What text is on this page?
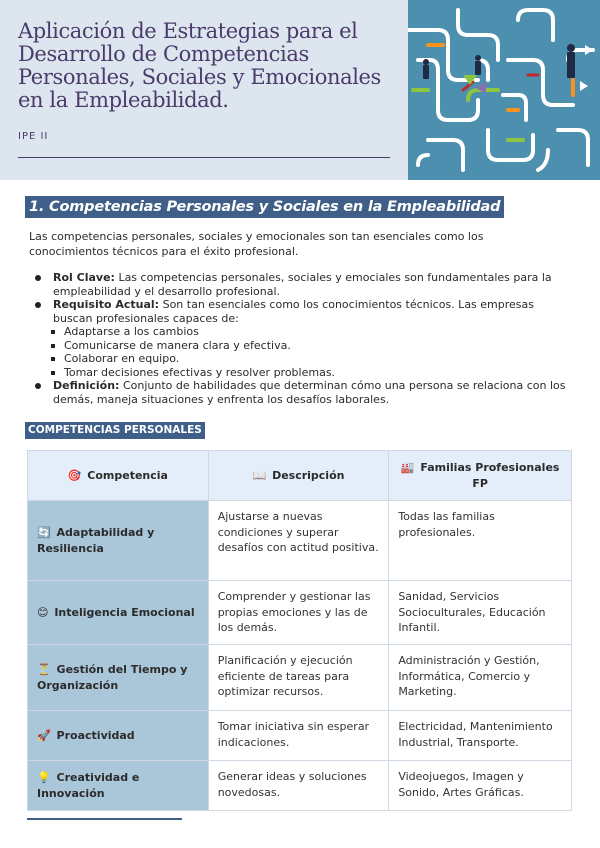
Aplicación de Estrategias para el Desarrollo de Competencias Personales, Sociales y Emocionales en la Empleabilidad.
IPE II
1. Competencias Personales y Sociales en la Empleabilidad

Las competencias personales, sociales y emocionales son tan esenciales como los conocimientos técnicos para el éxito profesional.

Rol Clave: Las competencias personales, sociales y emociales son fundamentales para la empleabilidad y el desarrollo profesional.
Requisito Actual: Son tan esenciales como los conocimientos técnicos. Las empresas buscan profesionales capaces de:
Adaptarse a los cambios
Comunicarse de manera clara y efectiva.
Colaborar en equipo.
Tomar decisiones efectivas y resolver problemas.
Definición: Conjunto de habilidades que determinan cómo una persona se relaciona con los demás, maneja situaciones y enfrenta los desafíos laborales.
COMPETENCIAS PERSONALES
🎯 Competencia	📖 Descripción	🏭 Familias Profesionales FP
🔄 Adaptabilidad y Resiliencia	Ajustarse a nuevas condiciones y superar desafíos con actitud positiva.	Todas las familias profesionales.
😊 Inteligencia Emocional	Comprender y gestionar las propias emociones y las de los demás.	Sanidad, Servicios Socioculturales, Educación Infantil.
⏳ Gestión del Tiempo y Organización	Planificación y ejecución eficiente de tareas para optimizar recursos.	Administración y Gestión, Informática, Comercio y Marketing.
🚀 Proactividad	Tomar iniciativa sin esperar indicaciones.	Electricidad, Mantenimiento Industrial, Transporte.
💡 Creatividad e Innovación	Generar ideas y soluciones novedosas.	Videojuegos, Imagen y Sonido, Artes Gráficas.
